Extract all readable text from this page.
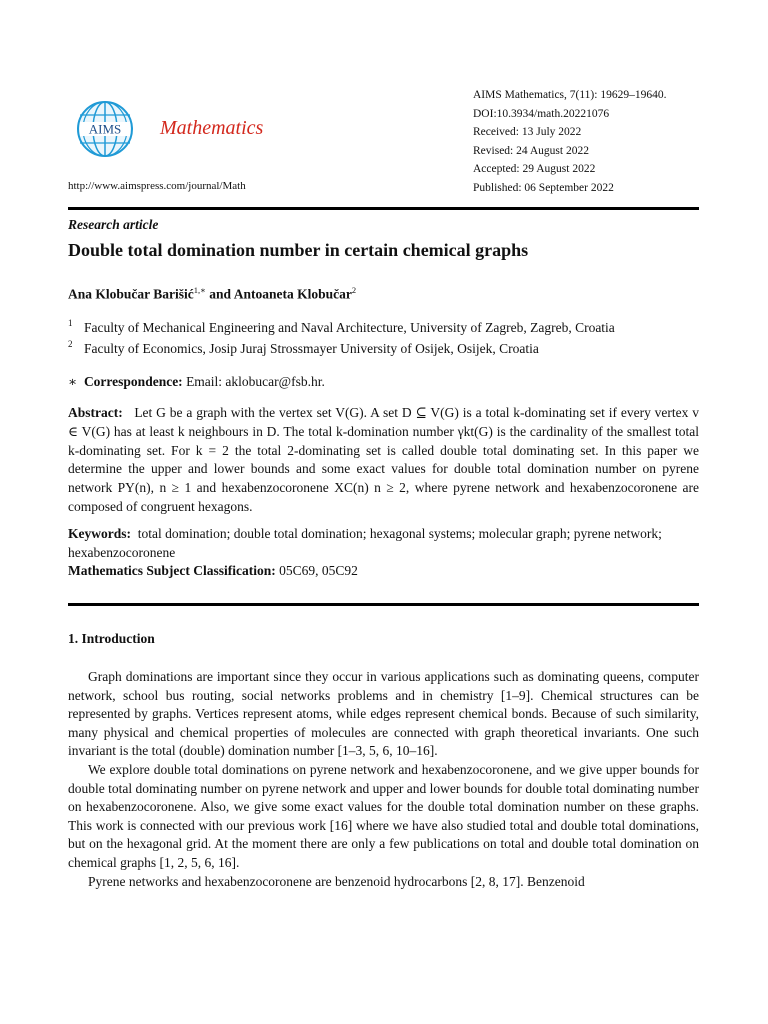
AIMS Mathematics
http://www.aimspress.com/journal/Math
AIMS Mathematics, 7(11): 19629–19640.
DOI:10.3934/math.20221076
Received: 13 July 2022
Revised: 24 August 2022
Accepted: 29 August 2022
Published: 06 September 2022
Research article
Double total domination number in certain chemical graphs
Ana Klobučar Barišić$^{1,∗}$ and Antoaneta Klobučar$^2$
$^1$ Faculty of Mechanical Engineering and Naval Architecture, University of Zagreb, Zagreb, Croatia
$^2$ Faculty of Economics, Josip Juraj Strossmayer University of Osijek, Osijek, Croatia
∗ Correspondence: Email: aklobucar@fsb.hr.
Abstract: Let G be a graph with the vertex set V(G). A set D ⊆ V(G) is a total k-dominating set if every vertex v ∈ V(G) has at least k neighbours in D. The total k-domination number γkt(G) is the cardinality of the smallest total k-dominating set. For k = 2 the total 2-dominating set is called double total dominating set. In this paper we determine the upper and lower bounds and some exact values for double total domination number on pyrene network PY(n), n ≥ 1 and hexabenzocoronene XC(n) n ≥ 2, where pyrene network and hexabenzocoronene are composed of congruent hexagons.
Keywords: total domination; double total domination; hexagonal systems; molecular graph; pyrene network; hexabenzocoronene
Mathematics Subject Classification: 05C69, 05C92
1. Introduction

Graph dominations are important since they occur in various applications such as dominating queens, computer network, school bus routing, social networks problems and in chemistry [1–9]. Chemical structures can be represented by graphs. Vertices represent atoms, while edges represent chemical bonds. Because of such similarity, many physical and chemical properties of molecules are connected with graph theoretical invariants. One such invariant is the total (double) domination number [1–3, 5, 6, 10–16].

We explore double total dominations on pyrene network and hexabenzocoronene, and we give upper bounds for double total dominating number on pyrene network and upper and lower bounds for double total dominating number on hexabenzocoronene. Also, we give some exact values for the double total domination number on these graphs. This work is connected with our previous work [16] where we have also studied total and double total dominations, but on the hexagonal grid. At the moment there are only a few publications on total and double total domination on chemical graphs [1, 2, 5, 6, 16].

Pyrene networks and hexabenzocoronene are benzenoid hydrocarbons [2, 8, 17]. Benzenoid
